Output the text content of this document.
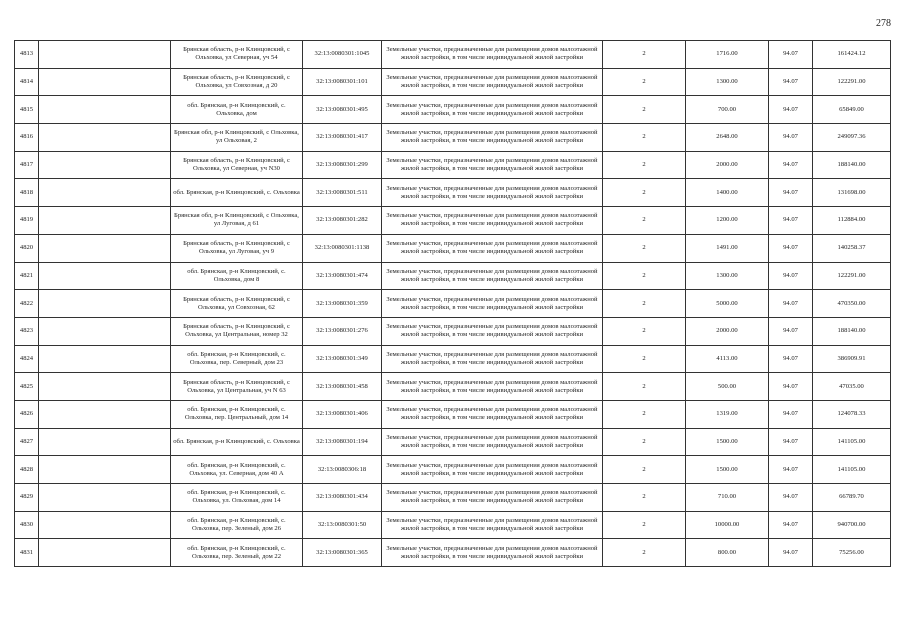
278
4813		Брянская область, р-н Клинцовский, с Ольховка, ул Северная, уч 54	32:13:0080301:1045	Земельные участки, предназначенные для размещения домов малоэтажной жилой застройки, в том числе индивидуальной жилой застройки	2	1716.00	94.07	161424.12
4814		Брянская область, р-н Клинцовский, с Ольховка, ул Совхозная, д 20	32:13:0080301:101	Земельные участки, предназначенные для размещения домов малоэтажной жилой застройки, в том числе индивидуальной жилой застройки	2	1300.00	94.07	122291.00
4815		обл. Брянская, р-н Клинцовский, с. Ольховка, дом	32:13:0080301:495	Земельные участки, предназначенные для размещения домов малоэтажной жилой застройки, в том числе индивидуальной жилой застройки	2	700.00	94.07	65849.00
4816		Брянская обл, р-н Клинцовский, с Ольховка, ул Ольховая, 2	32:13:0080301:417	Земельные участки, предназначенные для размещения домов малоэтажной жилой застройки, в том числе индивидуальной жилой застройки	2	2648.00	94.07	249097.36
4817		Брянская область, р-н Клинцовский, с Ольховка, ул Северная, уч N30	32:13:0080301:299	Земельные участки, предназначенные для размещения домов малоэтажной жилой застройки, в том числе индивидуальной жилой застройки	2	2000.00	94.07	188140.00
4818		обл. Брянская, р-н Клинцовский, с. Ольховка	32:13:0080301:511	Земельные участки, предназначенные для размещения домов малоэтажной жилой застройки, в том числе индивидуальной жилой застройки	2	1400.00	94.07	131698.00
4819		Брянская обл, р-н Клинцовский, с Ольховка, ул Луговая, д 61	32:13:0080301:282	Земельные участки, предназначенные для размещения домов малоэтажной жилой застройки, в том числе индивидуальной жилой застройки	2	1200.00	94.07	112884.00
4820		Брянская область, р-н Клинцовский, с Ольховка, ул Луговая, уч 9	32:13:0080301:1138	Земельные участки, предназначенные для размещения домов малоэтажной жилой застройки, в том числе индивидуальной жилой застройки	2	1491.00	94.07	140258.37
4821		обл. Брянская, р-н Клинцовский, с. Ольховка, дом 8	32:13:0080301:474	Земельные участки, предназначенные для размещения домов малоэтажной жилой застройки, в том числе индивидуальной жилой застройки	2	1300.00	94.07	122291.00
4822		Брянская область, р-н Клинцовский, с Ольховка, ул Совхозная, 62	32:13:0080301:359	Земельные участки, предназначенные для размещения домов малоэтажной жилой застройки, в том числе индивидуальной жилой застройки	2	5000.00	94.07	470350.00
4823		Брянская область, р-н Клинцовский, с Ольховка, ул Центральная, номер 32	32:13:0080301:276	Земельные участки, предназначенные для размещения домов малоэтажной жилой застройки, в том числе индивидуальной жилой застройки	2	2000.00	94.07	188140.00
4824		обл. Брянская, р-н Клинцовский, с. Ольховка, пер. Северный, дом 23	32:13:0080301:349	Земельные участки, предназначенные для размещения домов малоэтажной жилой застройки, в том числе индивидуальной жилой застройки	2	4113.00	94.07	386909.91
4825		Брянская область, р-н Клинцовский, с Ольховка, ул Центральная, уч N 63	32:13:0080301:458	Земельные участки, предназначенные для размещения домов малоэтажной жилой застройки, в том числе индивидуальной жилой застройки	2	500.00	94.07	47035.00
4826		обл. Брянская, р-н Клинцовский, с. Ольховка, пер. Центральный, дом 14	32:13:0080301:406	Земельные участки, предназначенные для размещения домов малоэтажной жилой застройки, в том числе индивидуальной жилой застройки	2	1319.00	94.07	124078.33
4827		обл. Брянская, р-н Клинцовский, с. Ольховка	32:13:0080301:194	Земельные участки, предназначенные для размещения домов малоэтажной жилой застройки, в том числе индивидуальной жилой застройки	2	1500.00	94.07	141105.00
4828		обл. Брянская, р-н Клинцовский, с. Ольховка, ул. Северная, дом 40 А	32:13:0080306:18	Земельные участки, предназначенные для размещения домов малоэтажной жилой застройки, в том числе индивидуальной жилой застройки	2	1500.00	94.07	141105.00
4829		обл. Брянская, р-н Клинцовский, с. Ольховка, ул. Ольховая, дом 14	32:13:0080301:434	Земельные участки, предназначенные для размещения домов малоэтажной жилой застройки, в том числе индивидуальной жилой застройки	2	710.00	94.07	66789.70
4830		обл. Брянская, р-н Клинцовский, с. Ольховка, пер. Зеленый, дом 26	32:13:0080301:50	Земельные участки, предназначенные для размещения домов малоэтажной жилой застройки, в том числе индивидуальной жилой застройки	2	10000.00	94.07	940700.00
4831		обл. Брянская, р-н Клинцовский, с. Ольховка, пер. Зеленый, дом 22	32:13:0080301:365	Земельные участки, предназначенные для размещения домов малоэтажной жилой застройки, в том числе индивидуальной жилой застройки	2	800.00	94.07	75256.00
